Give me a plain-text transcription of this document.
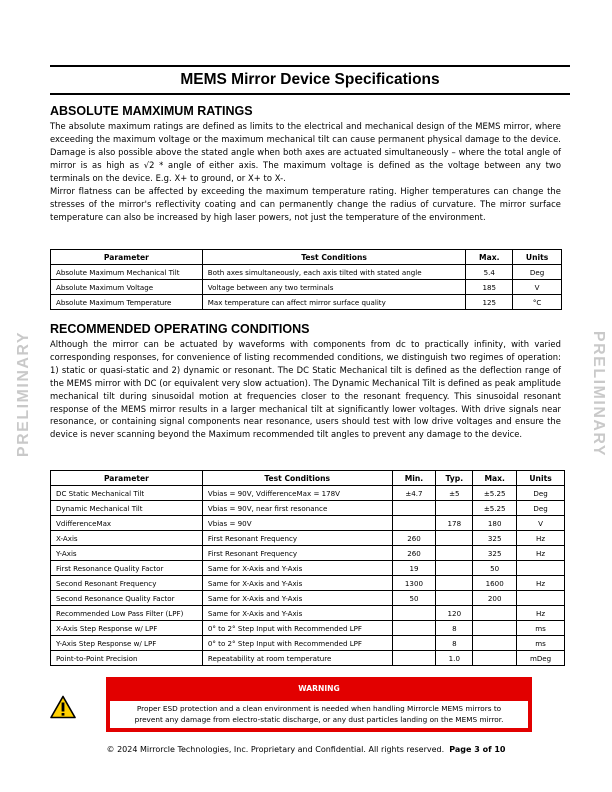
MEMS Mirror Device Specifications
PRELIMINARY	PRELIMINARY
ABSOLUTE MAMXIMUM RATINGS

The absolute maximum ratings are defined as limits to the electrical and mechanical design of the MEMS mirror, where exceeding the maximum voltage or the maximum mechanical tilt can cause permanent physical damage to the device. Damage is also possible above the stated angle when both axes are actuated simultaneously – where the total angle of mirror is as high as √2 * angle of either axis. The maximum voltage is defined as the voltage between any two terminals on the device. E.g. X+ to ground, or X+ to X-.

Mirror flatness can be affected by exceeding the maximum temperature rating. Higher temperatures can change the stresses of the mirror's reflectivity coating and can permanently change the radius of curvature. The mirror surface temperature can also be increased by high laser powers, not just the temperature of the environment.

Parameter	Test Conditions	Max.	Units
Absolute Maximum Mechanical Tilt	Both axes simultaneously, each axis tilted with stated angle	5.4	Deg
Absolute Maximum Voltage	Voltage between any two terminals	185	V
Absolute Maximum Temperature	Max temperature can affect mirror surface quality	125	°C
RECOMMENDED OPERATING CONDITIONS

Although the mirror can be actuated by waveforms with components from dc to practically infinity, with varied corresponding responses, for convenience of listing recommended conditions, we distinguish two regimes of operation: 1) static or quasi-static and 2) dynamic or resonant. The DC Static Mechanical tilt is defined as the deflection range of the MEMS mirror with DC (or equivalent very slow actuation). The Dynamic Mechanical Tilt is defined as peak amplitude mechanical tilt during sinusoidal motion at frequencies closer to the resonant frequency. This sinusoidal resonant response of the MEMS mirror results in a larger mechanical tilt at significantly lower voltages. With drive signals near resonance, or containing signal components near resonance, users should test with low drive voltages and ensure the device is never scanning beyond the Maximum recommended tilt angles to prevent any damage to the device.

Parameter	Test Conditions	Min.	Typ.	Max.	Units
DC Static Mechanical Tilt	Vbias = 90V, VdifferenceMax = 178V	±4.7	±5	±5.25	Deg
Dynamic Mechanical Tilt	Vbias = 90V, near first resonance			±5.25	Deg
VdifferenceMax	Vbias = 90V		178	180	V
X-Axis	First Resonant Frequency	260		325	Hz
Y-Axis	First Resonant Frequency	260		325	Hz
First Resonance Quality Factor	Same for X-Axis and Y-Axis	19		50	
Second Resonant Frequency	Same for X-Axis and Y-Axis	1300		1600	Hz
Second Resonance Quality Factor	Same for X-Axis and Y-Axis	50		200	
Recommended Low Pass Filter (LPF)	Same for X-Axis and Y-Axis		120		Hz
X-Axis Step Response w/ LPF	0° to 2° Step Input with Recommended LPF		8		ms
Y-Axis Step Response w/ LPF	0° to 2° Step Input with Recommended LPF		8		ms
Point-to-Point Precision	Repeatability at room temperature		1.0		mDeg
WARNING
Proper ESD protection and a clean environment is needed when handling Mirrorcle MEMS mirrors to
prevent any damage from electro-static discharge, or any dust particles landing on the MEMS mirror.
© 2024 Mirrorcle Technologies, Inc. Proprietary and Confidential. All rights reserved. Page 3 of 10
